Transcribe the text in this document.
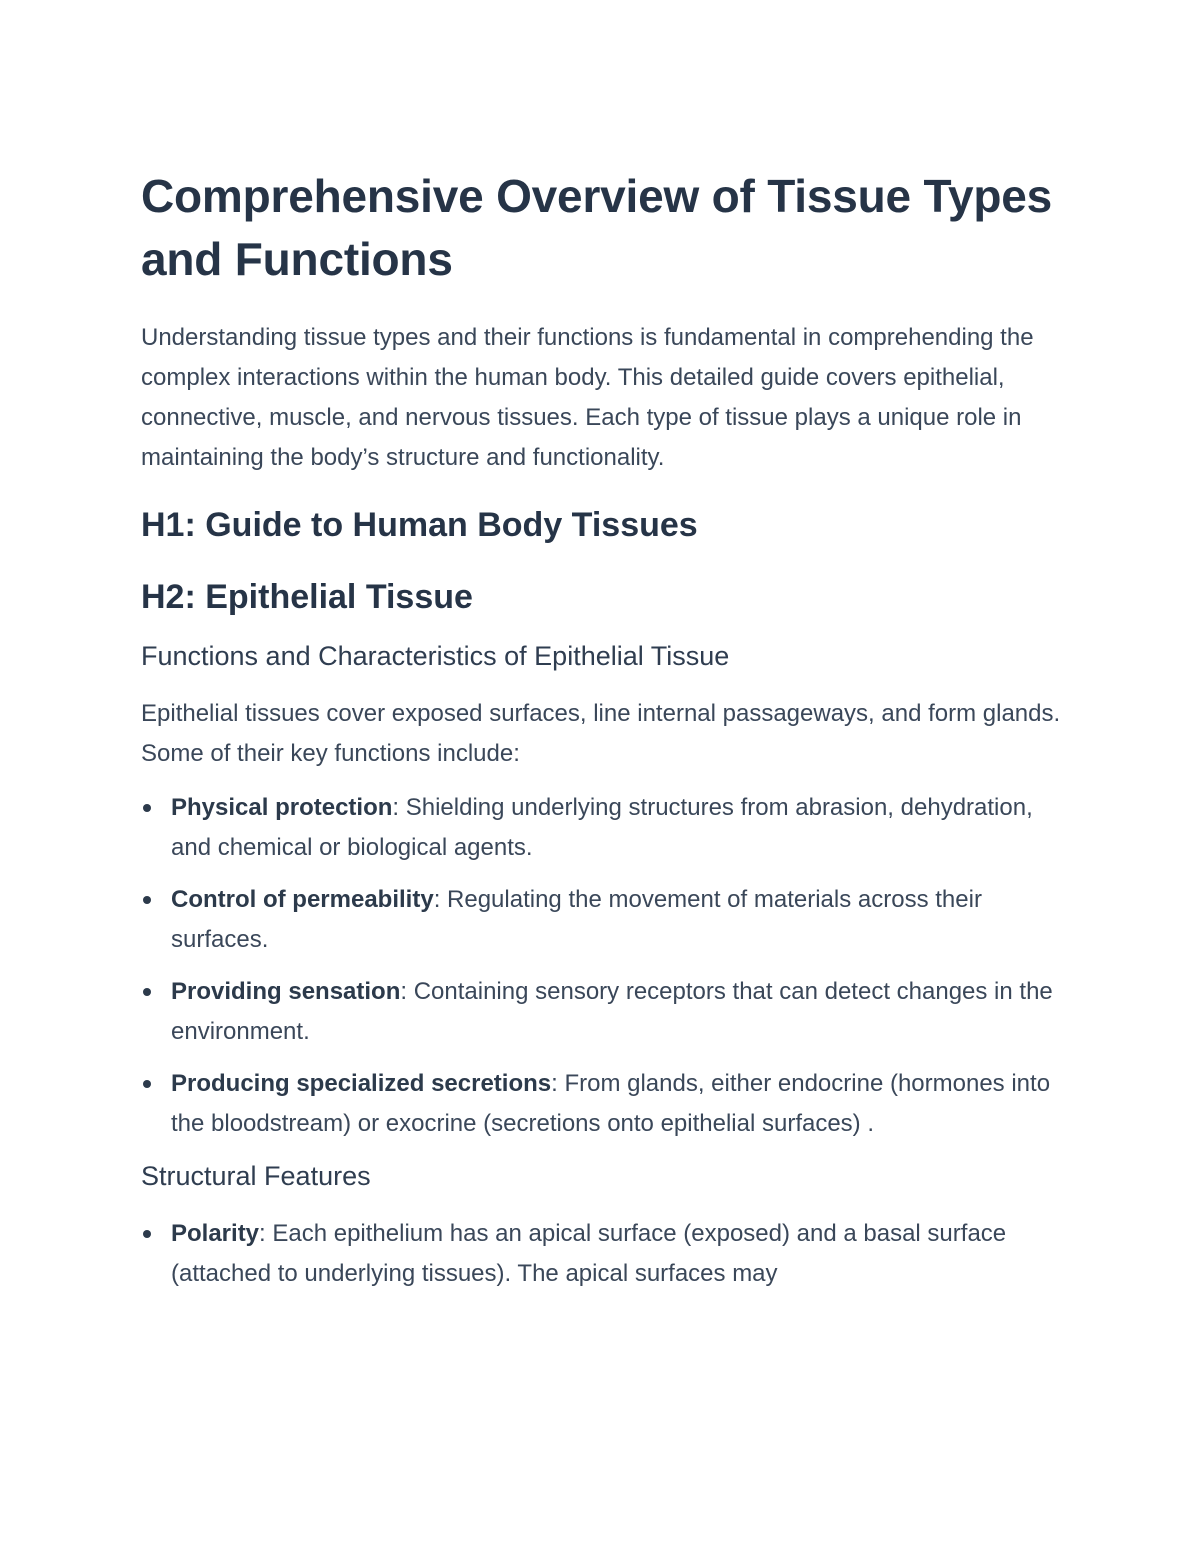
Comprehensive Overview of Tissue Types and Functions

Understanding tissue types and their functions is fundamental in comprehending the complex interactions within the human body. This detailed guide covers epithelial, connective, muscle, and nervous tissues. Each type of tissue plays a unique role in maintaining the body’s structure and functionality.

H1: Guide to Human Body Tissues
H2: Epithelial Tissue
Functions and Characteristics of Epithelial Tissue

Epithelial tissues cover exposed surfaces, line internal passageways, and form glands. Some of their key functions include:

Physical protection: Shielding underlying structures from abrasion, dehydration, and chemical or biological agents.
Control of permeability: Regulating the movement of materials across their surfaces.
Providing sensation: Containing sensory receptors that can detect changes in the environment.
Producing specialized secretions: From glands, either endocrine (hormones into the bloodstream) or exocrine (secretions onto epithelial surfaces) .
Structural Features
Polarity: Each epithelium has an apical surface (exposed) and a basal surface (attached to underlying tissues). The apical surfaces may
